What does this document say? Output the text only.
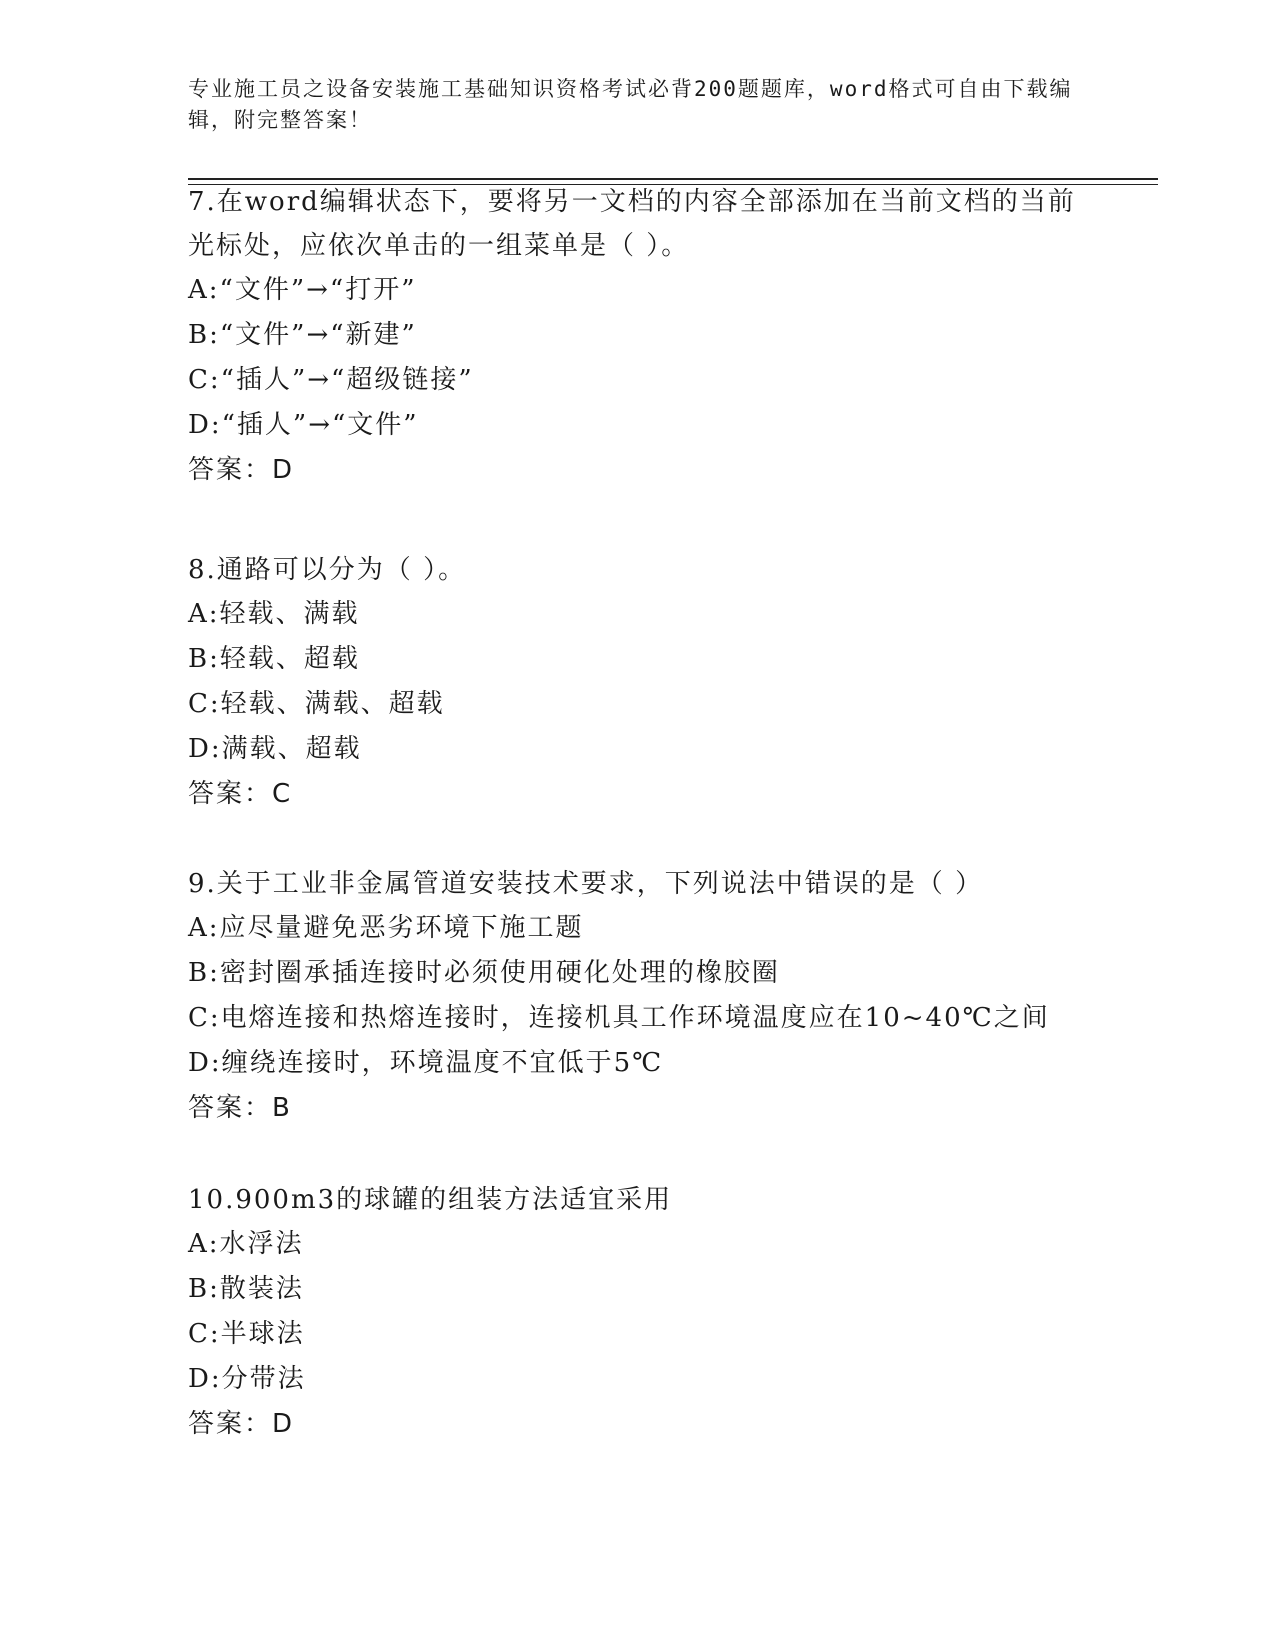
专业施工员之设备安装施工基础知识资格考试必背200题题库，word格式可自由下载编辑，附完整答案！

7.在word编辑状态下，要将另一文档的内容全部添加在当前文档的当前光标处，应依次单击的一组菜单是（ ）。

A:“文件”→“打开”

B:“文件”→“新建”

C:“插人”→“超级链接”

D:“插人”→“文件”

答案：D

8.通路可以分为（ ）。

A:轻载、满载

B:轻载、超载

C:轻载、满载、超载

D:满载、超载

答案：C

9.关于工业非金属管道安装技术要求，下列说法中错误的是（ ）

A:应尽量避免恶劣环境下施工题

B:密封圈承插连接时必须使用硬化处理的橡胶圈

C:电熔连接和热熔连接时，连接机具工作环境温度应在10~40℃之间

D:缠绕连接时，环境温度不宜低于5℃

答案：B

10.900m3的球罐的组装方法适宜采用

A:水浮法

B:散装法

C:半球法

D:分带法

答案：D
